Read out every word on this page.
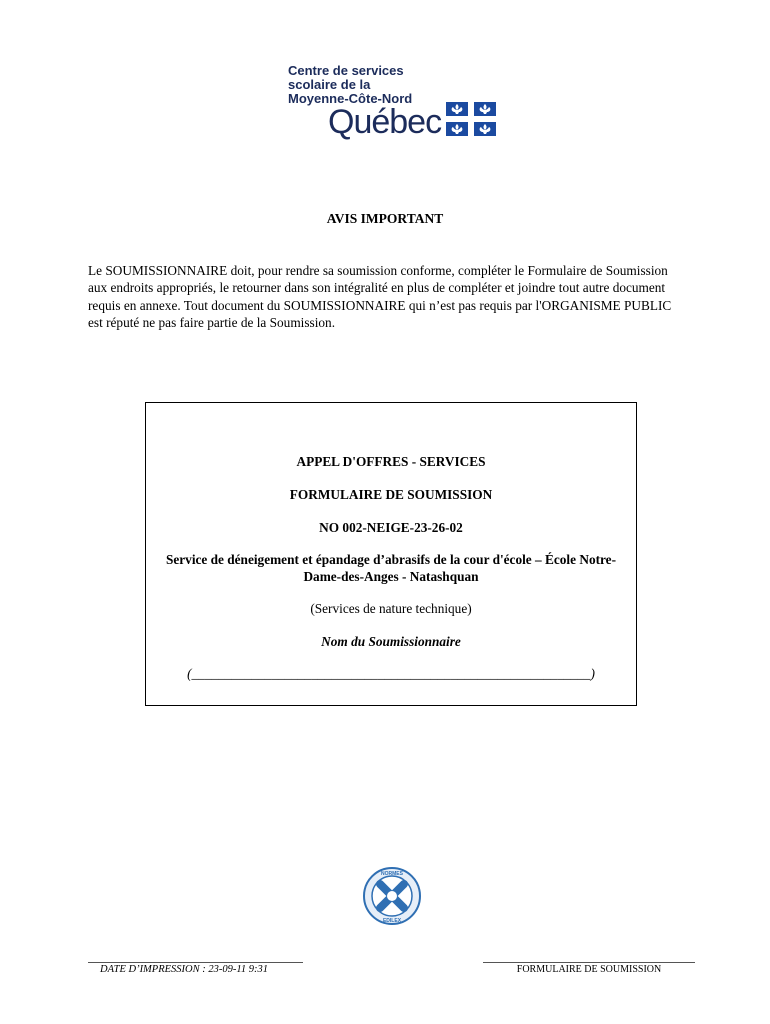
Centre de services
scolaire de la
Moyenne-Côte-Nord
Québec
AVIS IMPORTANT
Le SOUMISSIONNAIRE doit, pour rendre sa soumission conforme, compléter le Formulaire de Soumission
aux endroits appropriés, le retourner dans son intégralité en plus de compléter et joindre tout autre document
requis en annexe. Tout document du SOUMISSIONNAIRE qui n’est pas requis par l'ORGANISME PUBLIC
est réputé ne pas faire partie de la Soumission.
APPEL D'OFFRES - SERVICES
FORMULAIRE DE SOUMISSION
NO 002-NEIGE-23-26-02
Service de déneigement et épandage d’abrasifs de la cour d'école – École Notre-
Dame-des-Anges - Natashquan
(Services de nature technique)
Nom du Soumissionnaire
(____________________________________________________________)
NORMES
EDILEX
DATE D’IMPRESSION : 23-09-11 9:31	FORMULAIRE DE SOUMISSION
